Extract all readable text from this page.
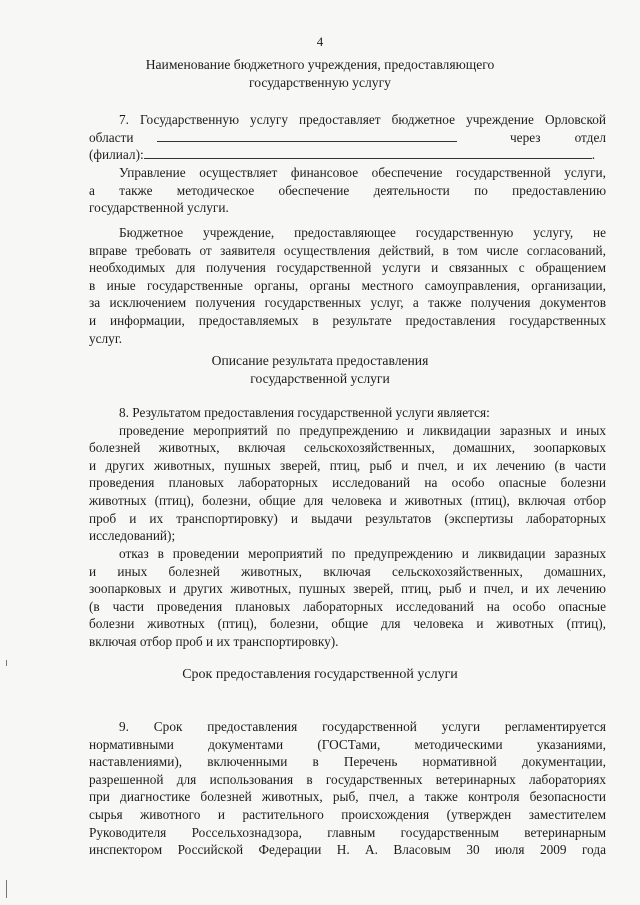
4
Наименование бюджетного учреждения, предоставляющего
государственную услугу
7. Государственную услугу предоставляет бюджетное учреждение Орловской
области	через	отдел
(филиал):	.
Управление осуществляет финансовое обеспечение государственной услуги,
а также методическое обеспечение деятельности по предоставлению
государственной услуги.
Бюджетное учреждение, предоставляющее государственную услугу, не
вправе требовать от заявителя осуществления действий, в том числе согласований,
необходимых для получения государственной услуги и связанных с обращением
в иные государственные органы, органы местного самоуправления, организации,
за исключением получения государственных услуг, а также получения документов
и информации, предоставляемых в результате предоставления государственных
услуг.
Описание результата предоставления
государственной услуги
8. Результатом предоставления государственной услуги является:
проведение мероприятий по предупреждению и ликвидации заразных и иных
болезней животных, включая сельскохозяйственных, домашних, зоопарковых
и других животных, пушных зверей, птиц, рыб и пчел, и их лечению (в части
проведения плановых лабораторных исследований на особо опасные болезни
животных (птиц), болезни, общие для человека и животных (птиц), включая отбор
проб и их транспортировку) и выдачи результатов (экспертизы лабораторных
исследований);
отказ в проведении мероприятий по предупреждению и ликвидации заразных
и иных болезней животных, включая сельскохозяйственных, домашних,
зоопарковых и других животных, пушных зверей, птиц, рыб и пчел, и их лечению
(в части проведения плановых лабораторных исследований на особо опасные
болезни животных (птиц), болезни, общие для человека и животных (птиц),
включая отбор проб и их транспортировку).
Срок предоставления государственной услуги
9. Срок предоставления государственной услуги регламентируется
нормативными документами (ГОСТами, методическими указаниями,
наставлениями), включенными в Перечень нормативной документации,
разрешенной для использования в государственных ветеринарных лабораториях
при диагностике болезней животных, рыб, пчел, а также контроля безопасности
сырья животного и растительного происхождения (утвержден заместителем
Руководителя Россельхознадзора, главным государственным ветеринарным
инспектором Российской Федерации Н. А. Власовым 30 июля 2009 года
